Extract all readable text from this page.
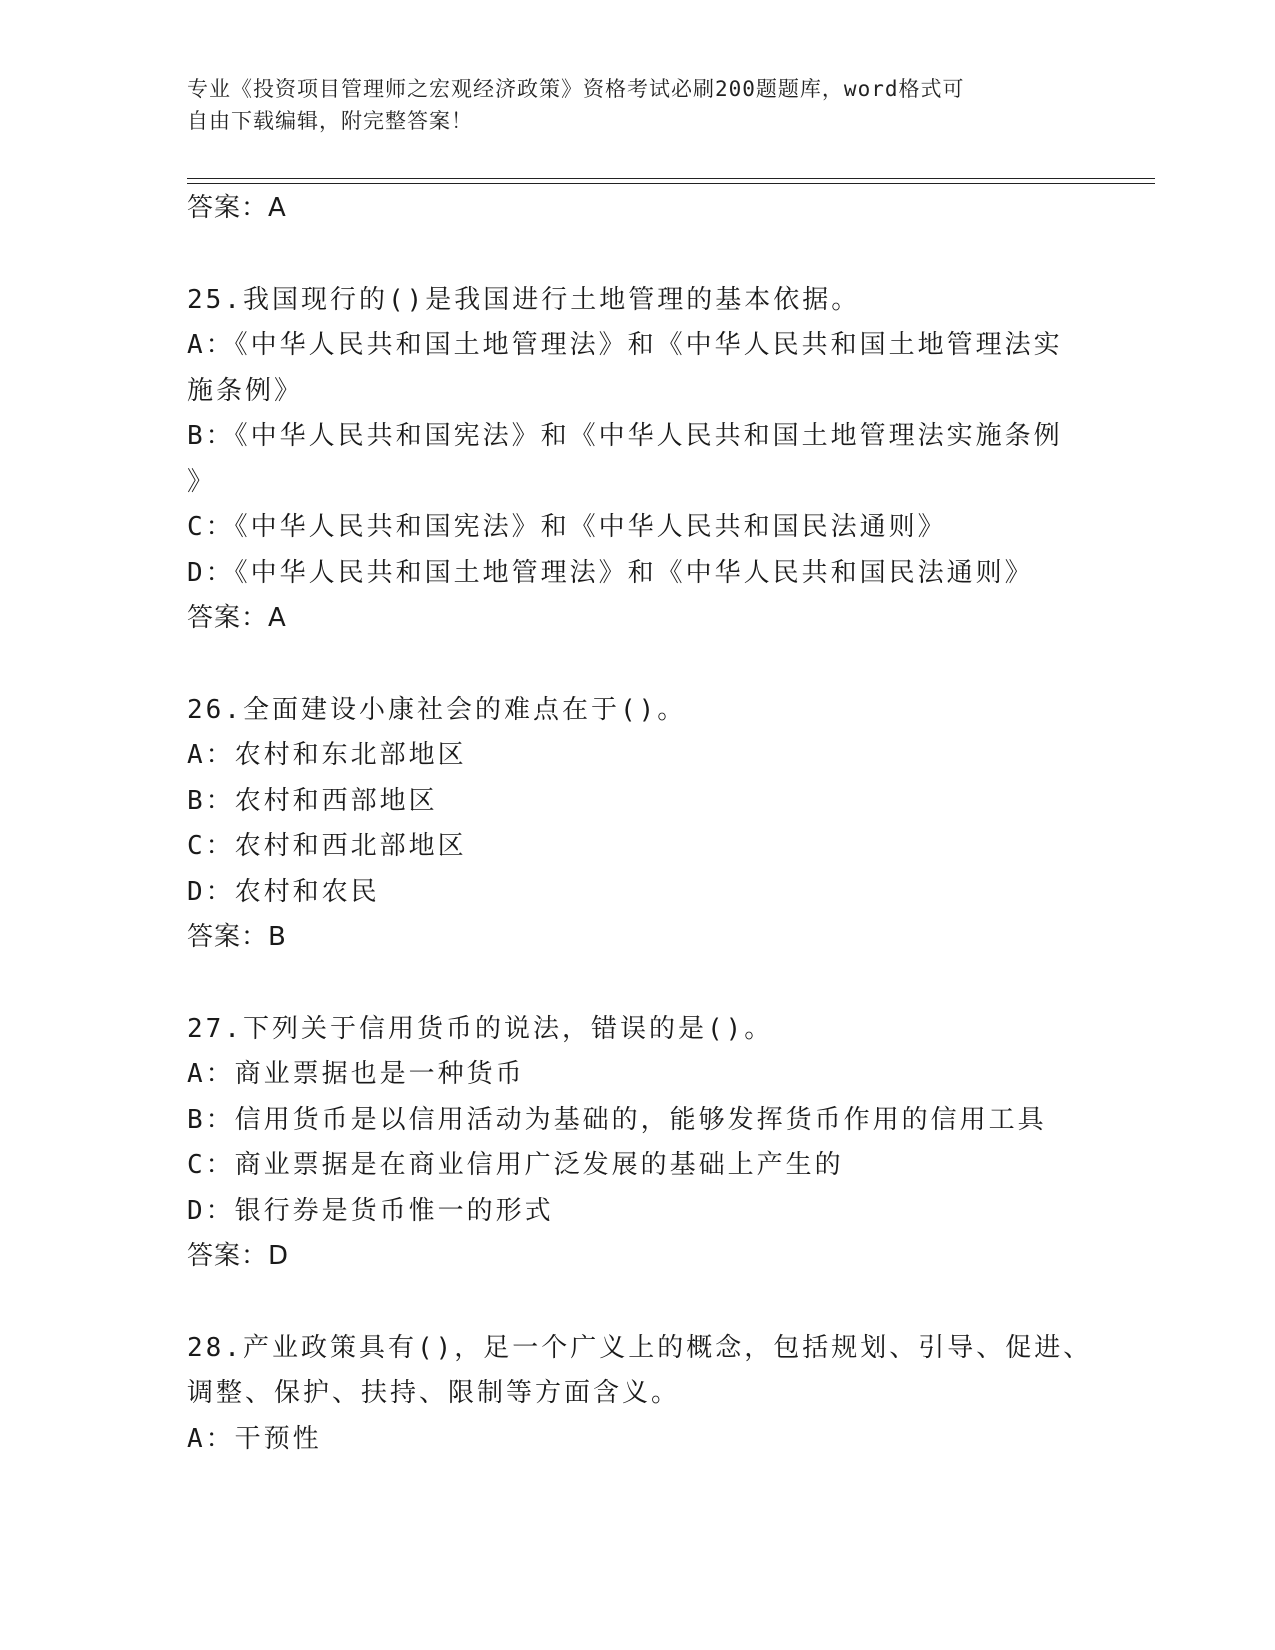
专业《投资项目管理师之宏观经济政策》资格考试必刷200题题库，word格式可
自由下载编辑，附完整答案！
答案：A
25.我国现行的()是我国进行土地管理的基本依据。
A：《中华人民共和国土地管理法》和《中华人民共和国土地管理法实
施条例》
B：《中华人民共和国宪法》和《中华人民共和国土地管理法实施条例
》
C：《中华人民共和国宪法》和《中华人民共和国民法通则》
D：《中华人民共和国土地管理法》和《中华人民共和国民法通则》
答案：A
26.全面建设小康社会的难点在于()。
A：农村和东北部地区
B：农村和西部地区
C：农村和西北部地区
D：农村和农民
答案：B
27.下列关于信用货币的说法，错误的是()。
A：商业票据也是一种货币
B：信用货币是以信用活动为基础的，能够发挥货币作用的信用工具
C：商业票据是在商业信用广泛发展的基础上产生的
D：银行券是货币惟一的形式
答案：D
28.产业政策具有()，足一个广义上的概念，包括规划、引导、促进、
调整、保护、扶持、限制等方面含义。
A：干预性
